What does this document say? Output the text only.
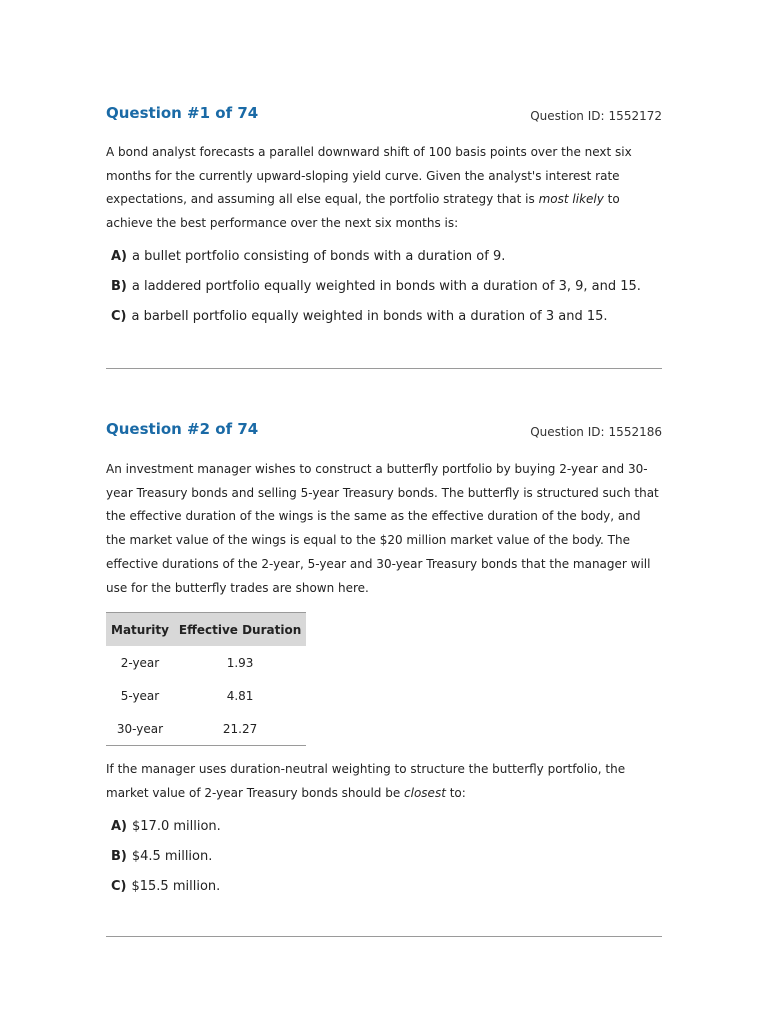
Question #1 of 74	Question ID: 1552172

A bond analyst forecasts a parallel downward shift of 100 basis points over the next six months for the currently upward-sloping yield curve. Given the analyst's interest rate expectations, and assuming all else equal, the portfolio strategy that is most likely to achieve the best performance over the next six months is:

A) a bullet portfolio consisting of bonds with a duration of 9.
B) a laddered portfolio equally weighted in bonds with a duration of 3, 9, and 15.
C) a barbell portfolio equally weighted in bonds with a duration of 3 and 15.
Question #2 of 74	Question ID: 1552186

An investment manager wishes to construct a butterfly portfolio by buying 2-year and 30-year Treasury bonds and selling 5-year Treasury bonds. The butterfly is structured such that the effective duration of the wings is the same as the effective duration of the body, and the market value of the wings is equal to the $20 million market value of the body. The effective durations of the 2-year, 5-year and 30-year Treasury bonds that the manager will use for the butterfly trades are shown here.

Maturity	Effective Duration
2-year	1.93
5-year	4.81
30-year	21.27

If the manager uses duration-neutral weighting to structure the butterfly portfolio, the market value of 2-year Treasury bonds should be closest to:

A) $17.0 million.
B) $4.5 million.
C) $15.5 million.
